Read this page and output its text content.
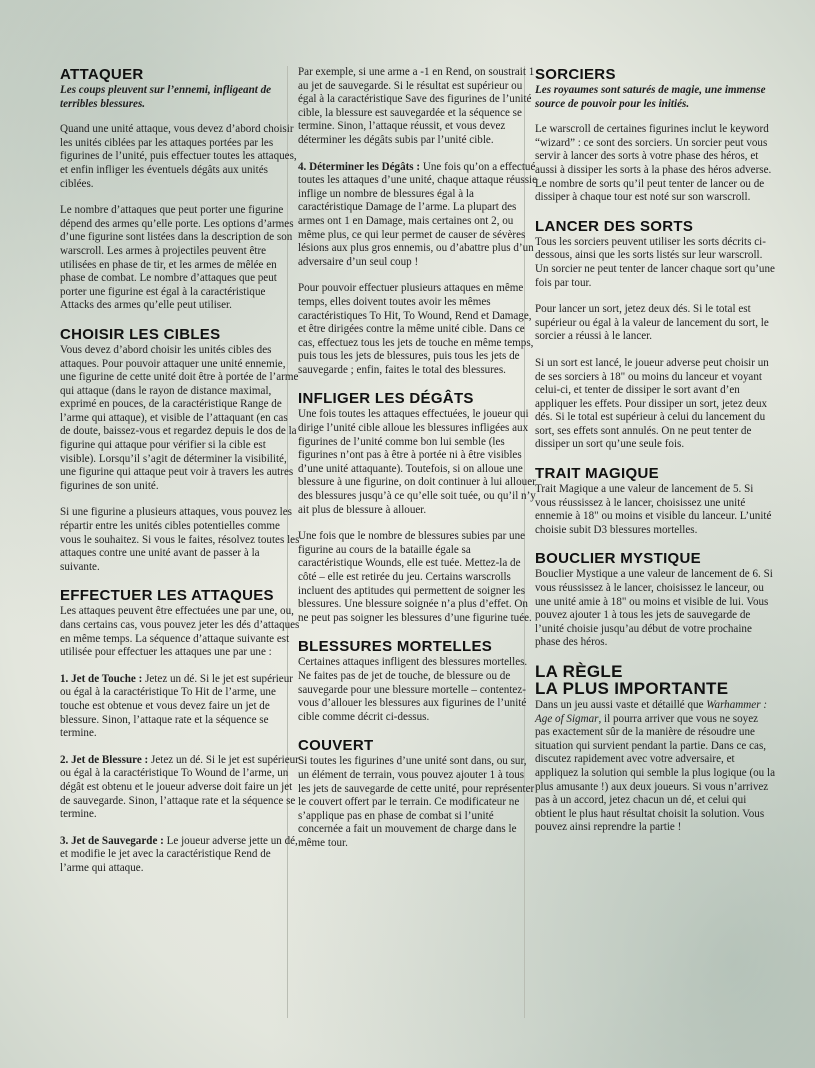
ATTAQUER
Les coups pleuvent sur l’ennemi, infligeant de terribles blessures.

Quand une unité attaque, vous devez d’abord choisir les unités ciblées par les attaques portées par les figurines de l’unité, puis effectuer toutes les attaques, et enfin infliger les éventuels dégâts aux unités ciblées.

Le nombre d’attaques que peut porter une figurine dépend des armes qu’elle porte. Les options d’armes d’une figurine sont listées dans la description de son warscroll. Les armes à projectiles peuvent être utilisées en phase de tir, et les armes de mêlée en phase de combat. Le nombre d’attaques que peut porter une figurine est égal à la caractéristique Attacks des armes qu’elle peut utiliser.

CHOISIR LES CIBLES

Vous devez d’abord choisir les unités cibles des attaques. Pour pouvoir attaquer une unité ennemie, une figurine de cette unité doit être à portée de l’arme qui attaque (dans le rayon de distance maximal, exprimé en pouces, de la caractéristique Range de l’arme qui attaque), et visible de l’attaquant (en cas de doute, baissez-vous et regardez depuis le dos de la figurine qui attaque pour vérifier si la cible est visible). Lorsqu’il s’agit de déterminer la visibilité, une figurine qui attaque peut voir à travers les autres figurines de son unité.

Si une figurine a plusieurs attaques, vous pouvez les répartir entre les unités cibles potentielles comme vous le souhaitez. Si vous le faites, résolvez toutes les attaques contre une unité avant de passer à la suivante.

EFFECTUER LES ATTAQUES

Les attaques peuvent être effectuées une par une, ou, dans certains cas, vous pouvez jeter les dés d’attaques en même temps. La séquence d’attaque suivante est utilisée pour effectuer les attaques une par une :

1. Jet de Touche : Jetez un dé. Si le jet est supérieur ou égal à la caractéristique To Hit de l’arme, une touche est obtenue et vous devez faire un jet de blessure. Sinon, l’attaque rate et la séquence se termine.

2. Jet de Blessure : Jetez un dé. Si le jet est supérieur ou égal à la caractéristique To Wound de l’arme, un dégât est obtenu et le joueur adverse doit faire un jet de sauvegarde. Sinon, l’attaque rate et la séquence se termine.

3. Jet de Sauvegarde : Le joueur adverse jette un dé, et modifie le jet avec la caractéristique Rend de l’arme qui attaque.

Par exemple, si une arme a -1 en Rend, on soustrait 1 au jet de sauvegarde. Si le résultat est supérieur ou égal à la caractéristique Save des figurines de l’unité cible, la blessure est sauvegardée et la séquence se termine. Sinon, l’attaque réussit, et vous devez déterminer les dégâts subis par l’unité cible.

4. Déterminer les Dégâts : Une fois qu’on a effectué toutes les attaques d’une unité, chaque attaque réussie inflige un nombre de blessures égal à la caractéristique Damage de l’arme. La plupart des armes ont 1 en Damage, mais certaines ont 2, ou même plus, ce qui leur permet de causer de sévères lésions aux plus gros ennemis, ou d’abattre plus d’un adversaire d’un seul coup !

Pour pouvoir effectuer plusieurs attaques en même temps, elles doivent toutes avoir les mêmes caractéristiques To Hit, To Wound, Rend et Damage, et être dirigées contre la même unité cible. Dans ce cas, effectuez tous les jets de touche en même temps, puis tous les jets de blessures, puis tous les jets de sauvegarde ; enfin, faites le total des blessures.

INFLIGER LES DÉGÂTS

Une fois toutes les attaques effectuées, le joueur qui dirige l’unité cible alloue les blessures infligées aux figurines de l’unité comme bon lui semble (les figurines n’ont pas à être à portée ni à être visibles d’une unité attaquante). Toutefois, si on alloue une blessure à une figurine, on doit continuer à lui allouer des blessures jusqu’à ce qu’elle soit tuée, ou qu’il n’y ait plus de blessure à allouer.

Une fois que le nombre de blessures subies par une figurine au cours de la bataille égale sa caractéristique Wounds, elle est tuée. Mettez-la de côté – elle est retirée du jeu. Certains warscrolls incluent des aptitudes qui permettent de soigner les blessures. Une blessure soignée n’a plus d’effet. On ne peut pas soigner les blessures d’une figurine tuée.

BLESSURES MORTELLES

Certaines attaques infligent des blessures mortelles. Ne faites pas de jet de touche, de blessure ou de sauvegarde pour une blessure mortelle – contentez-vous d’allouer les blessures aux figurines de l’unité cible comme décrit ci-dessus.

COUVERT

Si toutes les figurines d’une unité sont dans, ou sur, un élément de terrain, vous pouvez ajouter 1 à tous les jets de sauvegarde de cette unité, pour représenter le couvert offert par le terrain. Ce modificateur ne s’applique pas en phase de combat si l’unité concernée a fait un mouvement de charge dans le même tour.

SORCIERS
Les royaumes sont saturés de magie, une immense source de pouvoir pour les initiés.

Le warscroll de certaines figurines inclut le keyword “wizard” : ce sont des sorciers. Un sorcier peut vous servir à lancer des sorts à votre phase des héros, et aussi à dissiper les sorts à la phase des héros adverse. Le nombre de sorts qu’il peut tenter de lancer ou de dissiper à chaque tour est noté sur son warscroll.

LANCER DES SORTS

Tous les sorciers peuvent utiliser les sorts décrits ci-dessous, ainsi que les sorts listés sur leur warscroll. Un sorcier ne peut tenter de lancer chaque sort qu’une fois par tour.

Pour lancer un sort, jetez deux dés. Si le total est supérieur ou égal à la valeur de lancement du sort, le sorcier a réussi à le lancer.

Si un sort est lancé, le joueur adverse peut choisir un de ses sorciers à 18" ou moins du lanceur et voyant celui-ci, et tenter de dissiper le sort avant d’en appliquer les effets. Pour dissiper un sort, jetez deux dés. Si le total est supérieur à celui du lancement du sort, ses effets sont annulés. On ne peut tenter de dissiper un sort qu’une seule fois.

TRAIT MAGIQUE

Trait Magique a une valeur de lancement de 5. Si vous réussissez à le lancer, choisissez une unité ennemie à 18" ou moins et visible du lanceur. L’unité choisie subit D3 blessures mortelles.

BOUCLIER MYSTIQUE

Bouclier Mystique a une valeur de lancement de 6. Si vous réussissez à le lancer, choisissez le lanceur, ou une unité amie à 18" ou moins et visible de lui. Vous pouvez ajouter 1 à tous les jets de sauvegarde de l’unité choisie jusqu’au début de votre prochaine phase des héros.

LA RÈGLE
LA PLUS IMPORTANTE

Dans un jeu aussi vaste et détaillé que Warhammer : Age of Sigmar, il pourra arriver que vous ne soyez pas exactement sûr de la manière de résoudre une situation qui survient pendant la partie. Dans ce cas, discutez rapidement avec votre adversaire, et appliquez la solution qui semble la plus logique (ou la plus amusante !) aux deux joueurs. Si vous n’arrivez pas à un accord, jetez chacun un dé, et celui qui obtient le plus haut résultat choisit la solution. Vous pouvez ainsi reprendre la partie !
